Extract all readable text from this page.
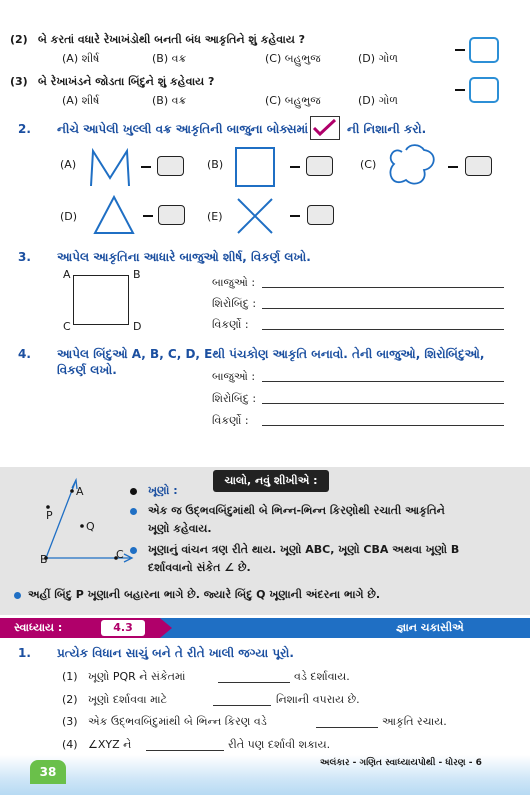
(2) બે કરતાં વધારે રેખાખંડોથી બનતી બંધ આકૃતિને શું કહેવાય ?
(A) શીર્ષ	(B) વક્ર	(C) બહુભુજ	(D) ગોળ
(3) બે રેખાખંડને જોડતા બિંદુને શું કહેવાય ?
(A) શીર્ષ	(B) વક્ર	(C) બહુભુજ	(D) ગોળ
2. નીચે આપેલી ખુલ્લી વક્ર આકૃતિની બાજુના બોક્સમાં	ની નિશાની કરો.
(A)	(B)	(C)
(D)	(E)
3. આપેલ આકૃતિના આધારે બાજુઓ શીર્ષ, વિકર્ણ લખો.
A	B
C	D
બાજુઓ :
શિરોબિંદુ :
વિકર્ણો :
4. આપેલ બિંદુઓ A, B, C, D, Eથી પંચકોણ આકૃતિ બનાવો. તેની બાજુઓ, શિરોબિંદુઓ,
વિકર્ણ લખો.	બાજુઓ :
શિરોબિંદુ :
વિકર્ણો :
ચાલો, નવું શીખીએ :
A
P
Q
B	C
ખૂણો :
એક જ ઉદ્ભવબિંદુમાંથી બે ભિન્ન-ભિન્ન કિરણોથી રચાતી આકૃતિને
ખૂણો કહેવાય.
ખૂણાનું વાંચન ત્રણ રીતે થાય. ખૂણો ABC, ખૂણો CBA અથવા ખૂણો B
દર્શાવવાનો સંકેત ∠ છે.
અહીં બિંદુ P ખૂણાની બહારના ભાગે છે. જ્યારે બિંદુ Q ખૂણાની અંદરના ભાગે છે.
સ્વાધ્યાય :	4.3	જ્ઞાન ચકાસીએ
1. પ્રત્યેક વિધાન સાચું બને તે રીતે ખાલી જગ્યા પૂરો.
(1) ખૂણો PQR ને સંકેતમાં	વડે દર્શાવાય.
(2) ખૂણો દર્શાવવા માટે	નિશાની વપરાય છે.
(3) એક ઉદ્ભવબિંદુમાંથી બે ભિન્ન કિરણ વડે	આકૃતિ રચાય.
(4) ∠XYZ ને	રીતે પણ દર્શાવી શકાય.
અલંકાર - ગણિત સ્વાધ્યાયપોથી - ધોરણ - 6
38
